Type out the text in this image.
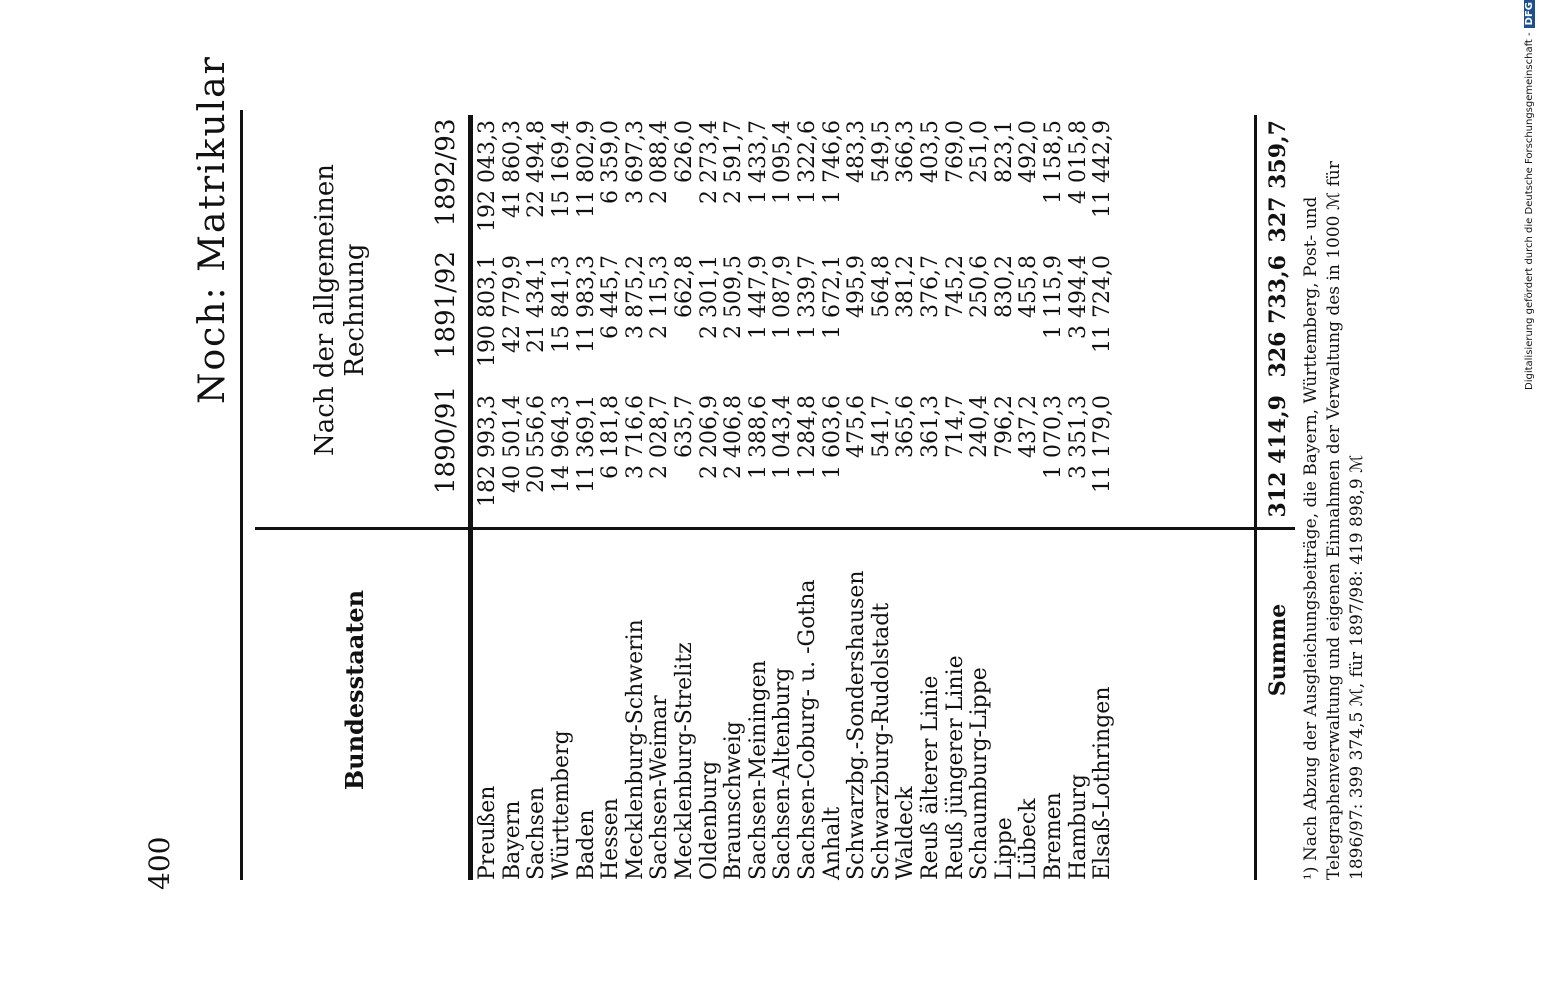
400
Noch: Matrikular
Bundesstaaten
Nach der allgemeinen Rechnung
1890/91
1891/92
1892/93
Preußen
182 993,3
190 803,1
192 043,3
Bayern
40 501,4
42 779,9
41 860,3
Sachsen
20 556,6
21 434,1
22 494,8
Württemberg
14 964,3
15 841,3
15 169,4
Baden
11 369,1
11 983,3
11 802,9
Hessen
6 181,8
6 445,7
6 359,0
Mecklenburg-Schwerin
3 716,6
3 875,2
3 697,3
Sachsen-Weimar
2 028,7
2 115,3
2 088,4
Mecklenburg-Strelitz
635,7
662,8
626,0
Oldenburg
2 206,9
2 301,1
2 273,4
Braunschweig
2 406,8
2 509,5
2 591,7
Sachsen-Meiningen
1 388,6
1 447,9
1 433,7
Sachsen-Altenburg
1 043,4
1 087,9
1 095,4
Sachsen-Coburg- u. -Gotha
1 284,8
1 339,7
1 322,6
Anhalt
1 603,6
1 672,1
1 746,6
Schwarzbg.-Sondershausen
475,6
495,9
483,3
Schwarzburg-Rudolstadt
541,7
564,8
549,5
Waldeck
365,6
381,2
366,3
Reuß älterer Linie
361,3
376,7
403,5
Reuß jüngerer Linie
714,7
745,2
769,0
Schaumburg-Lippe
240,4
250,6
251,0
Lippe
796,2
830,2
823,1
Lübeck
437,2
455,8
492,0
Bremen
1 070,3
1 115,9
1 158,5
Hamburg
3 351,3
3 494,4
4 015,8
Elsaß-Lothringen
11 179,0
11 724,0
11 442,9
Summe
312 414,9
326 733,6
327 359,7
¹) Nach Abzug der Ausgleichungsbeiträge, die Bayern, Württemberg, Post- und Telegraphenverwaltung und eigenen Einnahmen der Verwaltung des in 1000 ℳ für 1896/97: 399 374,5 ℳ, für 1897/98: 419 898,9 ℳ
Digitalisierung gefördert durch die Deutsche Forschungsgemeinschaft -DFG
